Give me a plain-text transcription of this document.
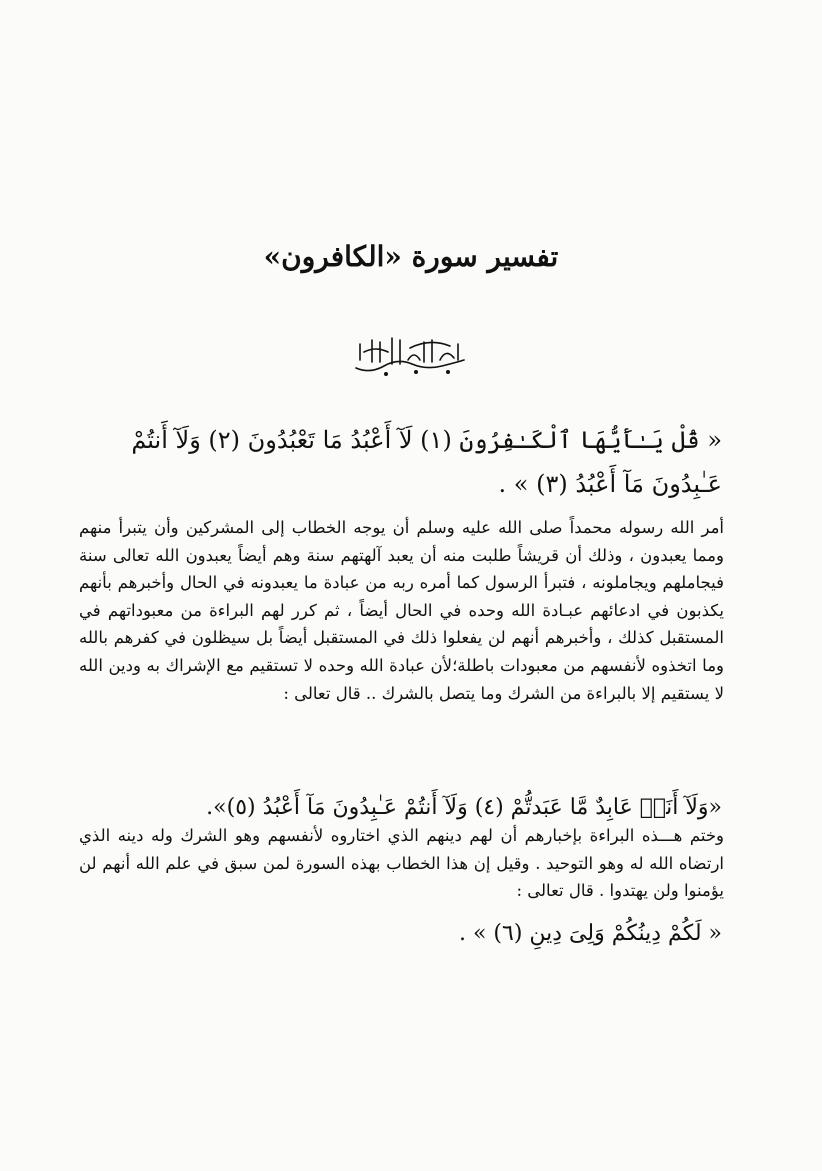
تفسير سورة «الكافرون»
« قُلْ يَـٰأَيُّهَا ٱلْكَـٰفِرُونَ (١) لَآ أَعْبُدُ مَا تَعْبُدُونَ (٢) وَلَآ أَنتُمْ عَـٰبِدُونَ مَآ أَعْبُدُ (٣) » .

أمر الله رسوله محمداً صلى الله عليه وسلم أن يوجه الخطاب إلى المشركين وأن يتبرأ منهم ومما يعبدون ، وذلك أن قريشاً طلبت منه أن يعبد آلهتهم سنة وهم أيضاً يعبدون الله تعالى سنة فيجاملهم ويجاملونه ، فتبرأ الرسول كما أمره ربه من عبادة ما يعبدونه في الحال وأخبرهم بأنهم يكذبون في ادعائهم عبـادة الله وحده في الحال أيضاً ، ثم كرر لهم البراءة من معبوداتهم في المستقبل كذلك ، وأخبرهم أنهم لن يفعلوا ذلك في المستقبل أيضاً بل سيظلون في كفرهم بالله وما اتخذوه لأنفسهم من معبودات باطلة؛لأن عبادة الله وحده لا تستقيم مع الإشراك به ودين الله لا يستقيم إلا بالبراءة من الشرك وما يتصل بالشرك .. قال تعالى :

«وَلَآ أَنَا۠ عَابِدٌ مَّا عَبَدتُّمْ (٤) وَلَآ أَنتُمْ عَـٰبِدُونَ مَآ أَعْبُدُ (٥)».

وختم هـــذه البراءة بإخبارهم أن لهم دينهم الذي اختاروه لأنفسهم وهو الشرك وله دينه الذي ارتضاه الله له وهو التوحيد . وقيل إن هذا الخطاب بهذه السورة لمن سبق في علم الله أنهم لن يؤمنوا ولن يهتدوا . قال تعالى :

« لَكُمْ دِينُكُمْ وَلِىَ دِينِ (٦) » .
